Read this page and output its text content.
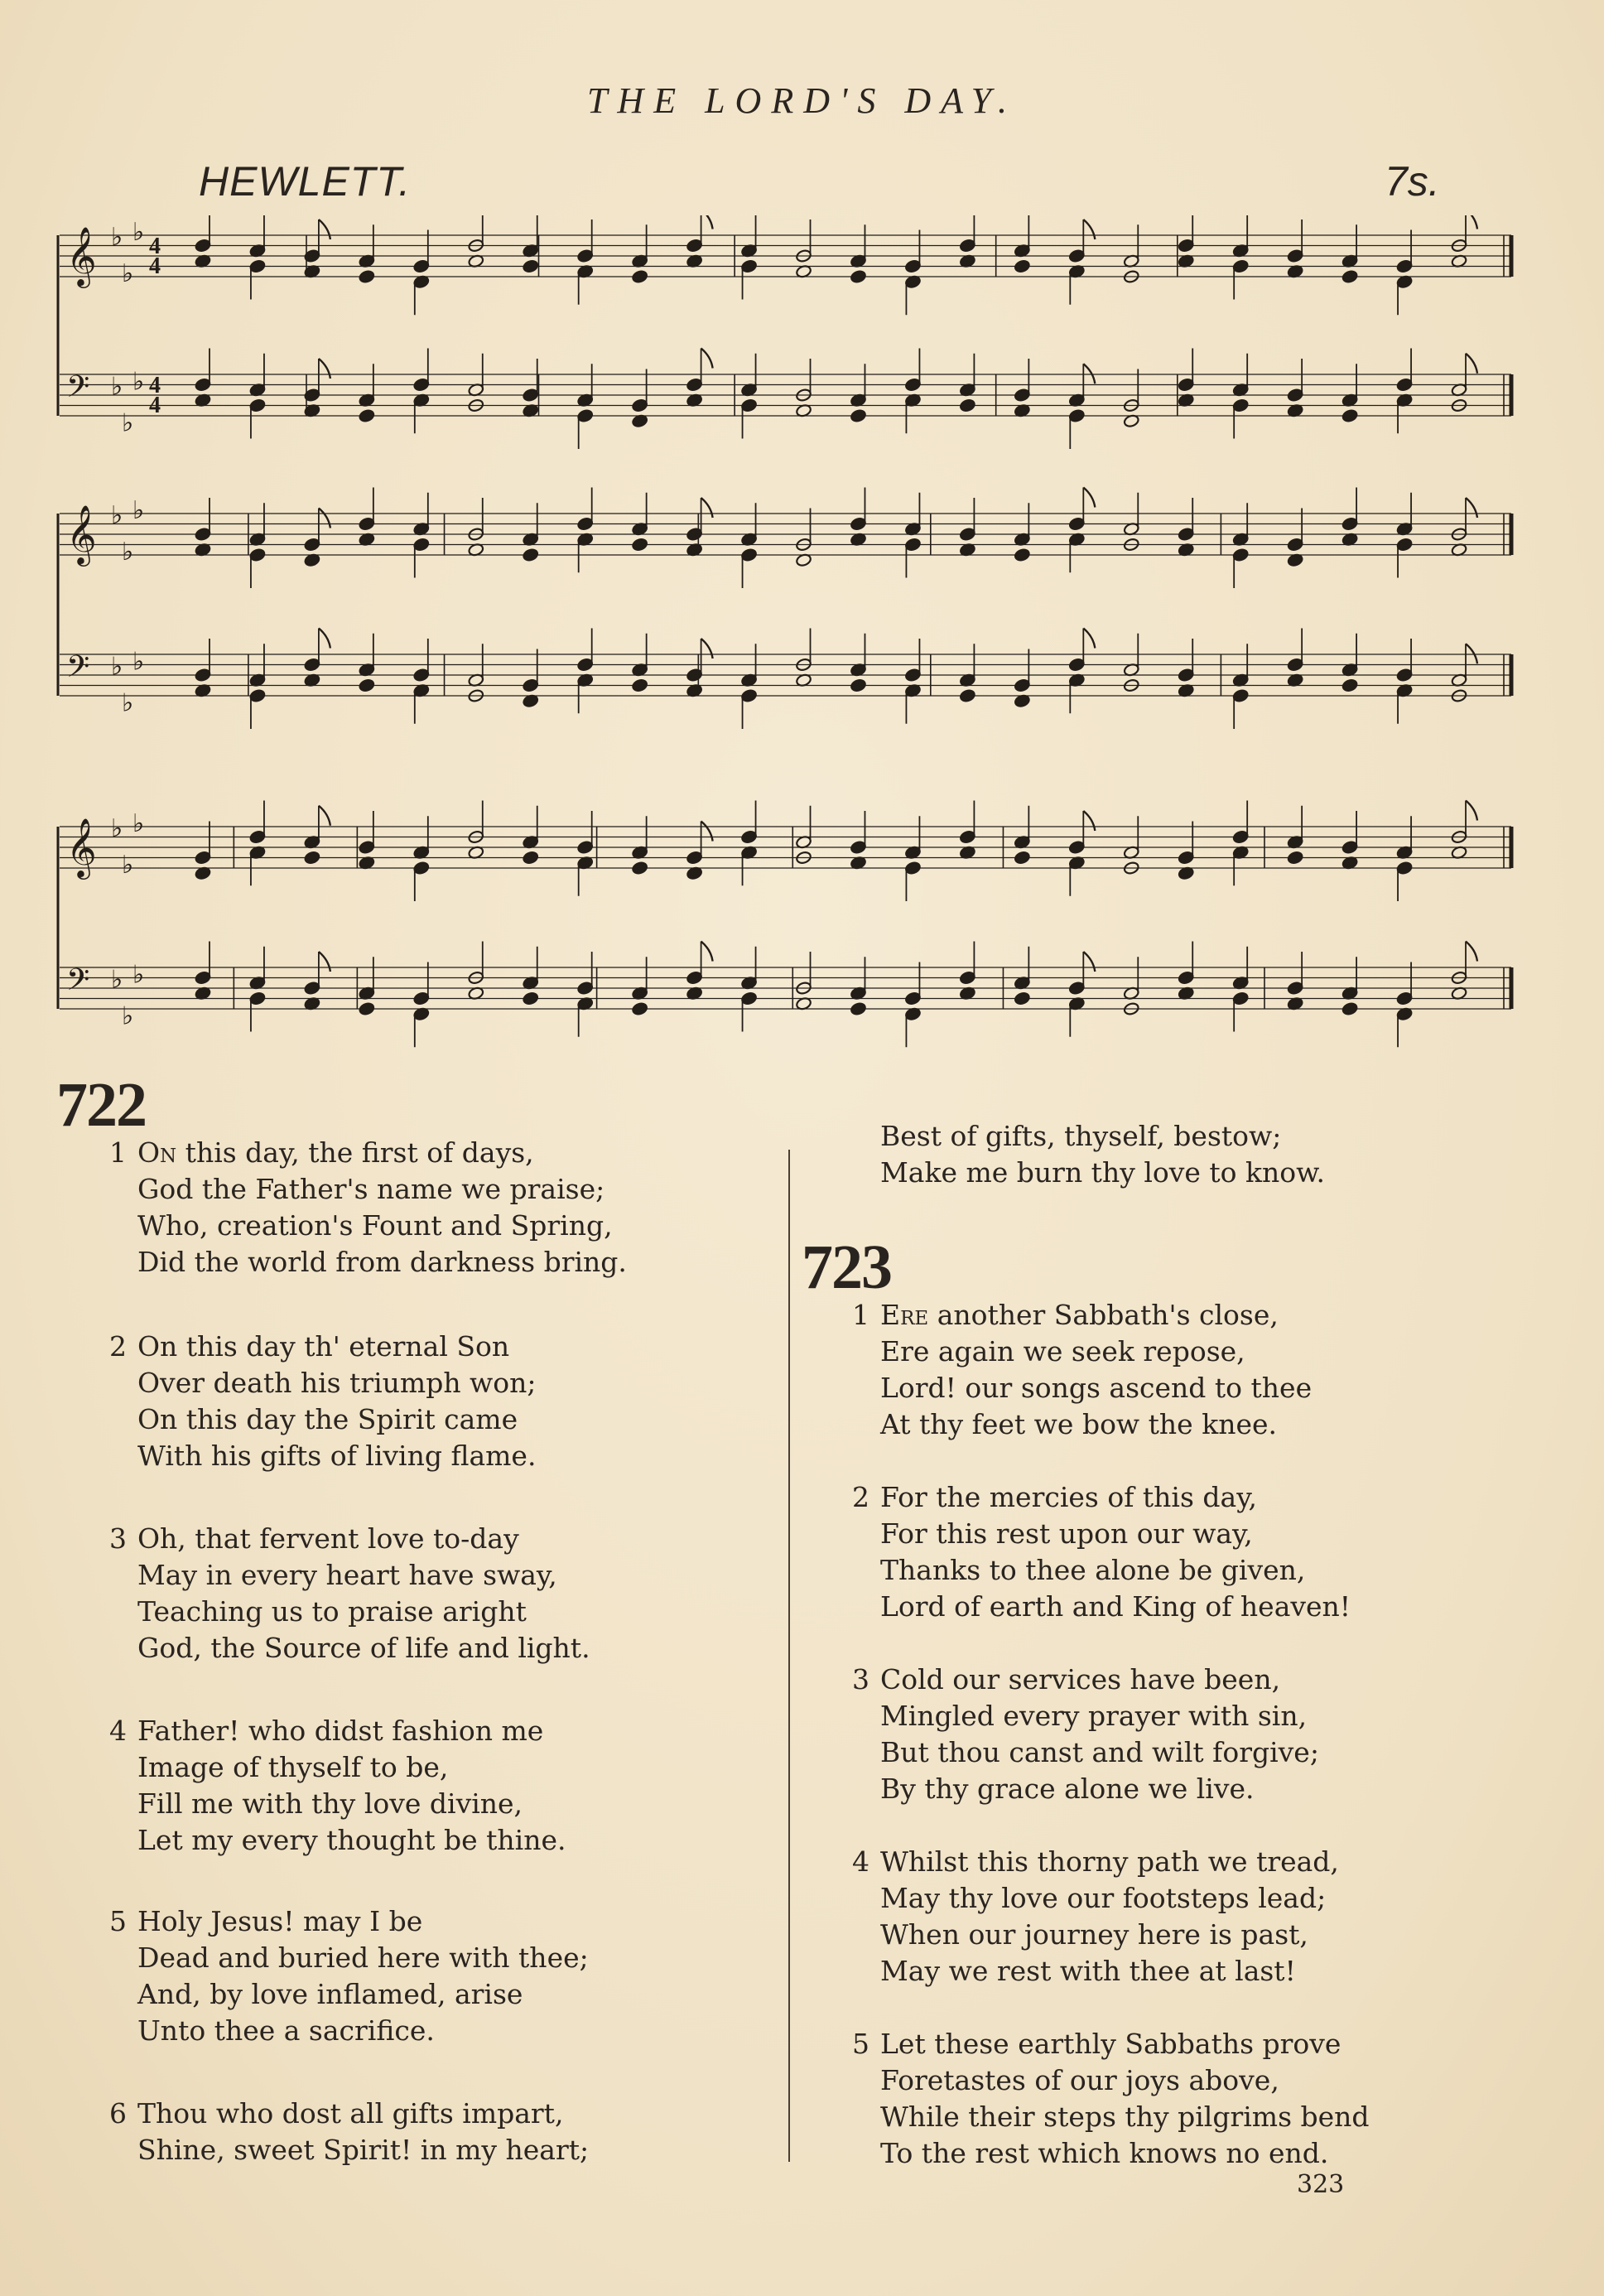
THE LORD'S DAY.
HEWLETT.	7s.
𝄞 ♭
♭
♭ 4
4
𝄢 ♭
♭
♭ 4
4
𝄞 ♭
♭
♭
𝄢 ♭
♭
♭
𝄞 ♭
♭
♭
𝄢 ♭
♭
♭
722
1 On this day, the first of days,
God the Father's name we praise;
Who, creation's Fount and Spring,
Did the world from darkness bring.
2 On this day th' eternal Son
Over death his triumph won;
On this day the Spirit came
With his gifts of living flame.
3 Oh, that fervent love to-day
May in every heart have sway,
Teaching us to praise aright
God, the Source of life and light.
4 Father! who didst fashion me
Image of thyself to be,
Fill me with thy love divine,
Let my every thought be thine.
5 Holy Jesus! may I be
Dead and buried here with thee;
And, by love inflamed, arise
Unto thee a sacrifice.
6 Thou who dost all gifts impart,
Shine, sweet Spirit! in my heart;
Best of gifts, thyself, bestow;
Make me burn thy love to know.
723
1 Ere another Sabbath's close,
Ere again we seek repose,
Lord! our songs ascend to thee
At thy feet we bow the knee.
2 For the mercies of this day,
For this rest upon our way,
Thanks to thee alone be given,
Lord of earth and King of heaven!
3 Cold our services have been,
Mingled every prayer with sin,
But thou canst and wilt forgive;
By thy grace alone we live.
4 Whilst this thorny path we tread,
May thy love our footsteps lead;
When our journey here is past,
May we rest with thee at last!
5 Let these earthly Sabbaths prove
Foretastes of our joys above,
While their steps thy pilgrims bend
To the rest which knows no end.
323
